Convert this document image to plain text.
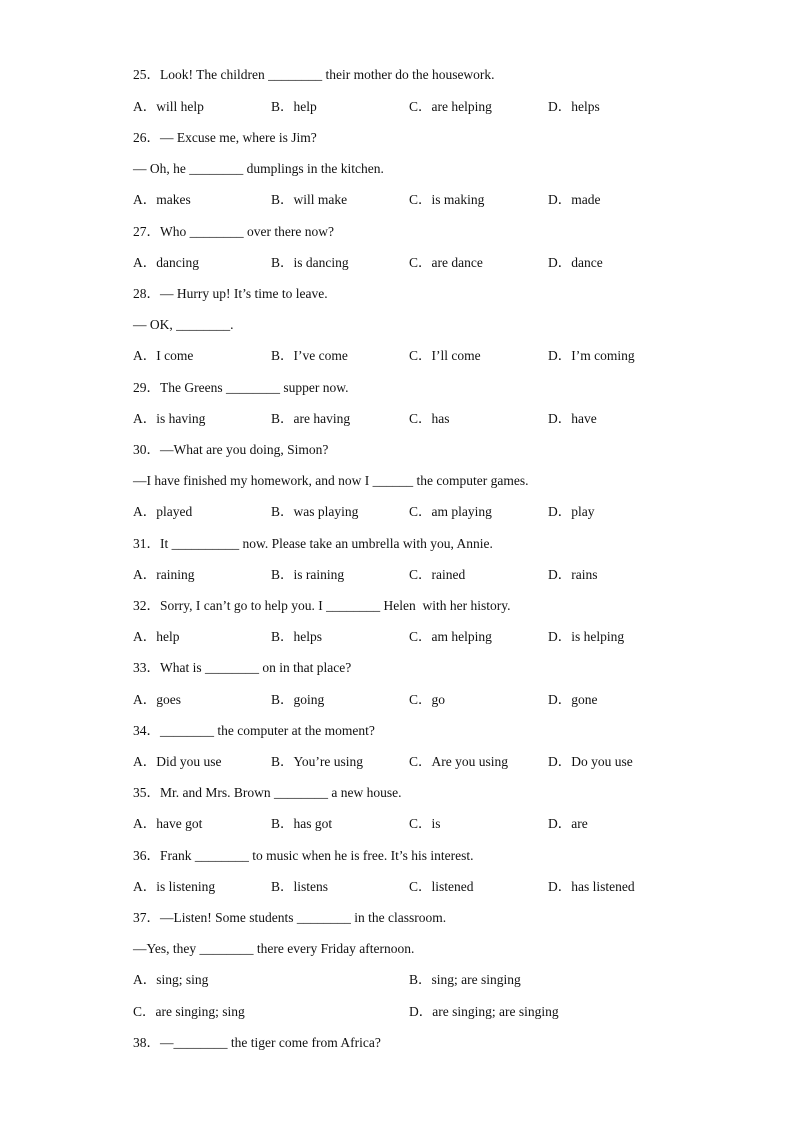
25．Look! The children ________ their mother do the housework.
A．will help	B．help	C．are helping	D．helps
26．— Excuse me, where is Jim?
— Oh, he ________ dumplings in the kitchen.
A．makes	B．will make	C．is making	D．made
27．Who ________ over there now?
A．dancing	B．is dancing	C．are dance	D．dance
28．— Hurry up! It’s time to leave.
— OK, ________.
A．I come	B．I’ve come	C．I’ll come	D．I’m coming
29．The Greens ________ supper now.
A．is having	B．are having	C．has	D．have
30．—What are you doing, Simon?
—I have finished my homework, and now I ______ the computer games.
A．played	B．was playing	C．am playing	D．play
31．It __________ now. Please take an umbrella with you, Annie.
A．raining	B．is raining	C．rained	D．rains
32．Sorry, I can’t go to help you. I ________ Helen  with her history.
A．help	B．helps	C．am helping	D．is helping
33．What is ________ on in that place?
A．goes	B．going	C．go	D．gone
34．________ the computer at the moment?
A．Did you use	B．You’re using	C．Are you using	D．Do you use
35．Mr. and Mrs. Brown ________ a new house.
A．have got	B．has got	C．is	D．are
36．Frank ________ to music when he is free. It’s his interest.
A．is listening	B．listens	C．listened	D．has listened
37．—Listen! Some students ________ in the classroom.
—Yes, they ________ there every Friday afternoon.
A．sing; sing	B．sing; are singing
C．are singing; sing	D．are singing; are singing
38．—________ the tiger come from Africa?
